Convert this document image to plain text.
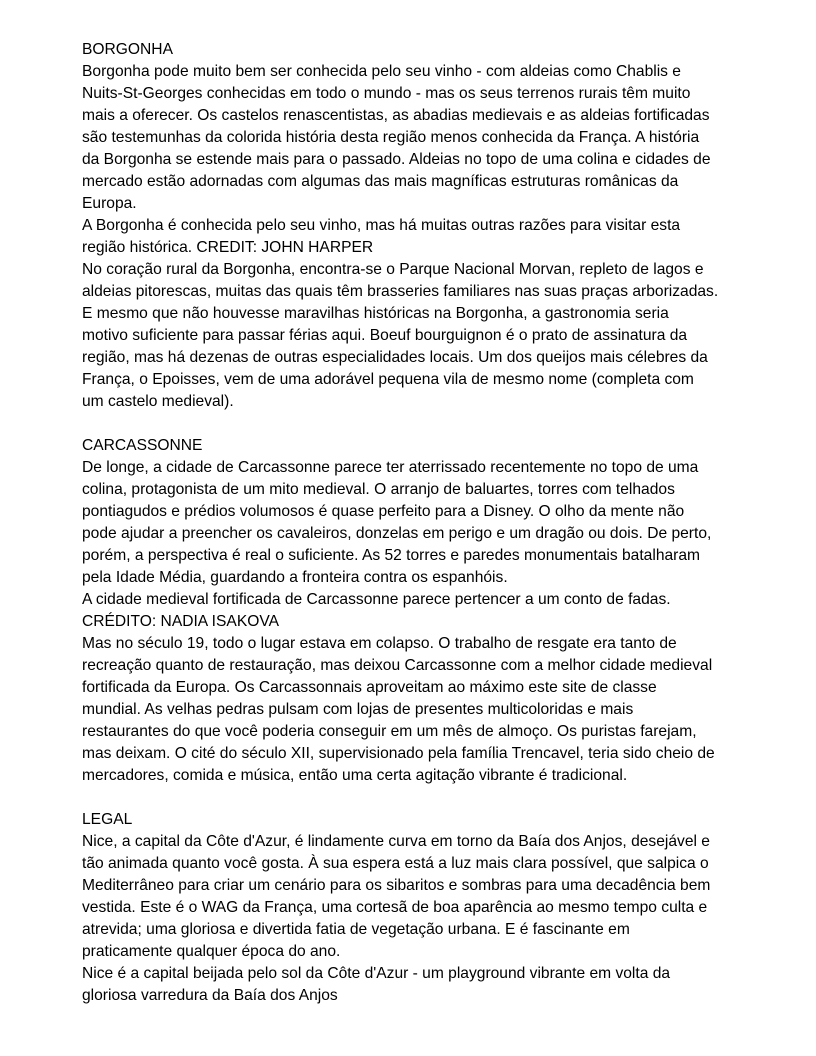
BORGONHA
Borgonha pode muito bem ser conhecida pelo seu vinho - com aldeias como Chablis e
Nuits-St-Georges conhecidas em todo o mundo - mas os seus terrenos rurais têm muito
mais a oferecer. Os castelos renascentistas, as abadias medievais e as aldeias fortificadas
são testemunhas da colorida história desta região menos conhecida da França. A história
da Borgonha se estende mais para o passado. Aldeias no topo de uma colina e cidades de
mercado estão adornadas com algumas das mais magníficas estruturas românicas da
Europa.
A Borgonha é conhecida pelo seu vinho, mas há muitas outras razões para visitar esta
região histórica. CREDIT: JOHN HARPER
No coração rural da Borgonha, encontra-se o Parque Nacional Morvan, repleto de lagos e
aldeias pitorescas, muitas das quais têm brasseries familiares nas suas praças arborizadas.
E mesmo que não houvesse maravilhas históricas na Borgonha, a gastronomia seria
motivo suficiente para passar férias aqui. Boeuf bourguignon é o prato de assinatura da
região, mas há dezenas de outras especialidades locais. Um dos queijos mais célebres da
França, o Epoisses, vem de uma adorável pequena vila de mesmo nome (completa com
um castelo medieval).
CARCASSONNE
De longe, a cidade de Carcassonne parece ter aterrissado recentemente no topo de uma
colina, protagonista de um mito medieval. O arranjo de baluartes, torres com telhados
pontiagudos e prédios volumosos é quase perfeito para a Disney. O olho da mente não
pode ajudar a preencher os cavaleiros, donzelas em perigo e um dragão ou dois. De perto,
porém, a perspectiva é real o suficiente. As 52 torres e paredes monumentais batalharam
pela Idade Média, guardando a fronteira contra os espanhóis.
A cidade medieval fortificada de Carcassonne parece pertencer a um conto de fadas.
CRÉDITO: NADIA ISAKOVA
Mas no século 19, todo o lugar estava em colapso. O trabalho de resgate era tanto de
recreação quanto de restauração, mas deixou Carcassonne com a melhor cidade medieval
fortificada da Europa. Os Carcassonnais aproveitam ao máximo este site de classe
mundial. As velhas pedras pulsam com lojas de presentes multicoloridas e mais
restaurantes do que você poderia conseguir em um mês de almoço. Os puristas farejam,
mas deixam. O cité do século XII, supervisionado pela família Trencavel, teria sido cheio de
mercadores, comida e música, então uma certa agitação vibrante é tradicional.
LEGAL
Nice, a capital da Côte d'Azur, é lindamente curva em torno da Baía dos Anjos, desejável e
tão animada quanto você gosta. À sua espera está a luz mais clara possível, que salpica o
Mediterrâneo para criar um cenário para os sibaritos e sombras para uma decadência bem
vestida. Este é o WAG da França, uma cortesã de boa aparência ao mesmo tempo culta e
atrevida; uma gloriosa e divertida fatia de vegetação urbana. E é fascinante em
praticamente qualquer época do ano.
Nice é a capital beijada pelo sol da Côte d'Azur - um playground vibrante em volta da
gloriosa varredura da Baía dos Anjos
